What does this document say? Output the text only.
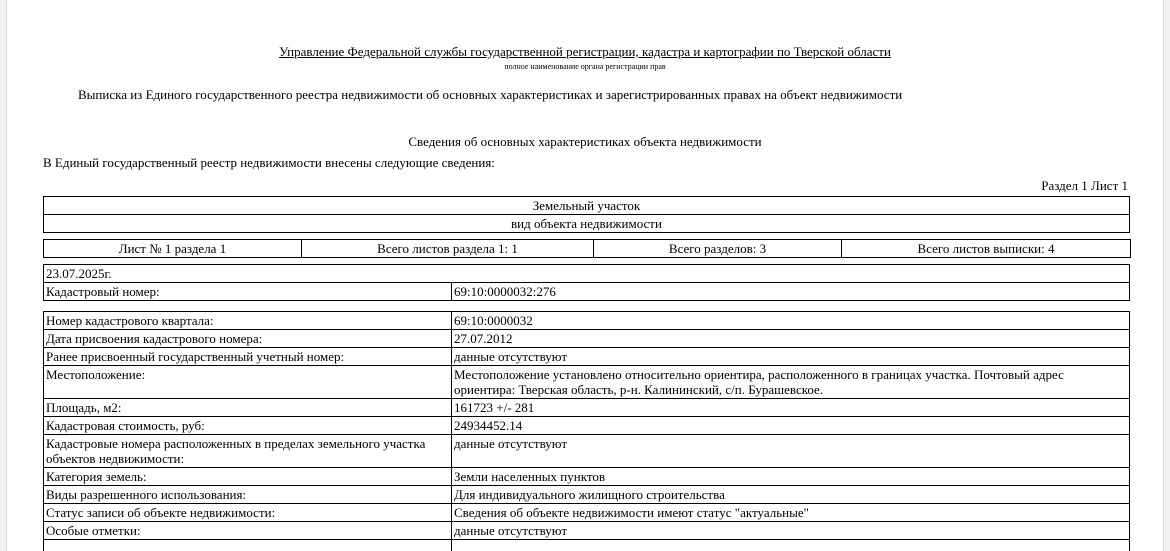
Управление Федеральной службы государственной регистрации, кадастра и картографии по Тверской области
полное наименование органа регистрации прав
Выписка из Единого государственного реестра недвижимости об основных характеристиках и зарегистрированных правах на объект недвижимости
Сведения об основных характеристиках объекта недвижимости
В Единый государственный реестр недвижимости внесены следующие сведения:
Раздел 1 Лист 1
Земельный участок
вид объекта недвижимости
Лист № 1 раздела 1	Всего листов раздела 1: 1	Всего разделов: 3	Всего листов выписки: 4
23.07.2025г.
Кадастровый номер:	69:10:0000032:276
Номер кадастрового квартала:	69:10:0000032
Дата присвоения кадастрового номера:	27.07.2012
Ранее присвоенный государственный учетный номер:	данные отсутствуют
Местоположение:	Местоположение установлено относительно ориентира, расположенного в границах участка. Почтовый адрес ориентира: Тверская область, р-н. Калининский, с/п. Бурашевское.
Площадь, м2:	161723 +/- 281
Кадастровая стоимость, руб:	24934452.14
Кадастровые номера расположенных в пределах земельного участка объектов недвижимости:	данные отсутствуют
Категория земель:	Земли населенных пунктов
Виды разрешенного использования:	Для индивидуального жилищного строительства
Статус записи об объекте недвижимости:	Сведения об объекте недвижимости имеют статус "актуальные"
Особые отметки:	данные отсутствуют
